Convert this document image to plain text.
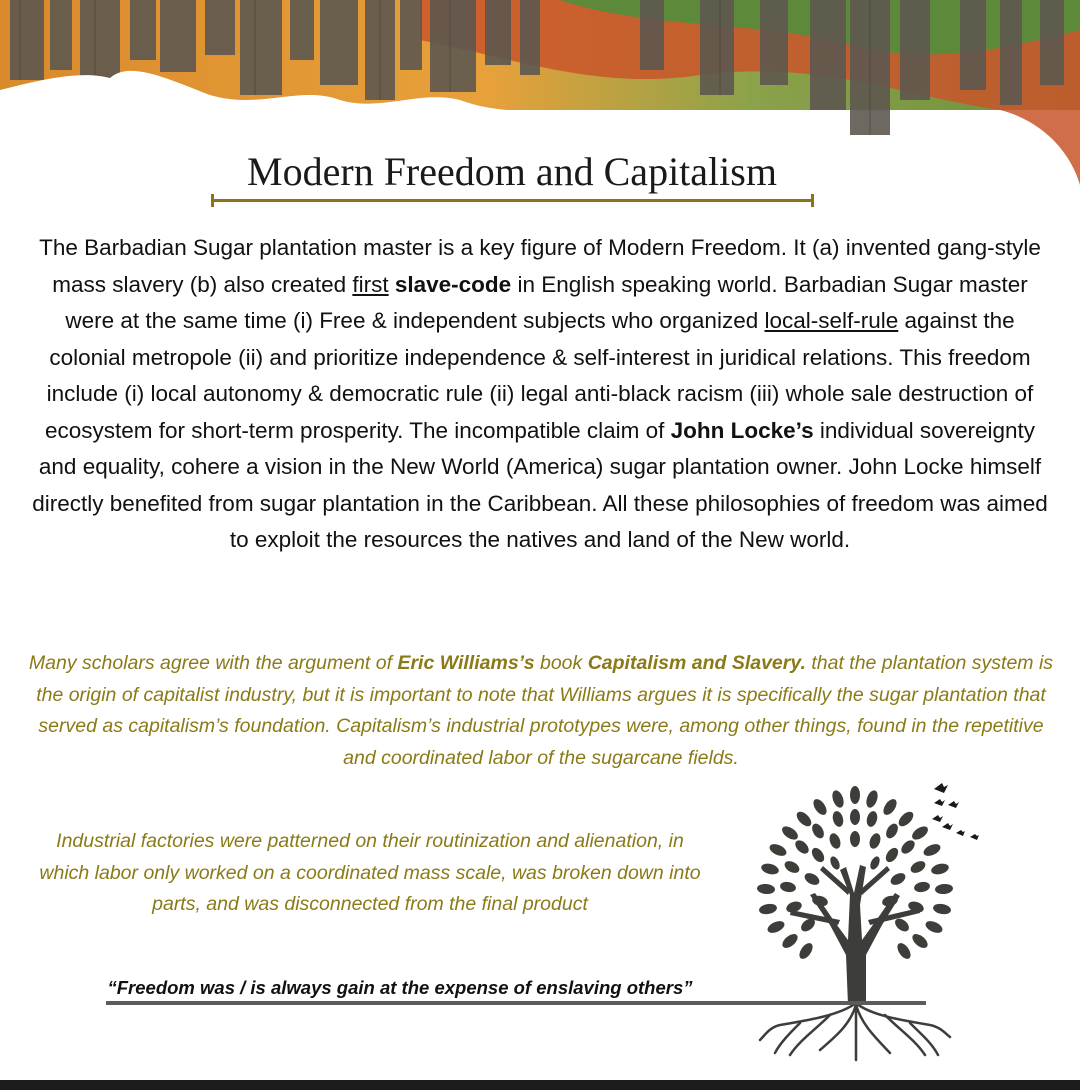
Modern Freedom and Capitalism

The Barbadian Sugar plantation master is a key figure of Modern Freedom. It (a) invented gang-style mass slavery (b) also created first slave-code in English speaking world. Barbadian Sugar master were at the same time (i) Free & independent subjects who organized local-self-rule against the colonial metropole (ii) and prioritize independence & self-interest in juridical relations. This freedom include (i) local autonomy & democratic rule (ii) legal anti-black racism (iii) whole sale destruction of ecosystem for short-term prosperity. The incompatible claim of John Locke’s individual sovereignty and equality, cohere a vision in the New World (America) sugar plantation owner. John Locke himself directly benefited from sugar plantation in the Caribbean. All these philosophies of freedom was aimed to exploit the resources the natives and land of the New world.

Many scholars agree with the argument of Eric Williams’s book Capitalism and Slavery. that the plantation system is the origin of capitalist industry, but it is important to note that Williams argues it is specifically the sugar plantation that served as capitalism’s foundation. Capitalism’s industrial prototypes were, among other things, found in the repetitive and coordinated labor of the sugarcane fields.

Industrial factories were patterned on their routinization and alienation, in which labor only worked on a coordinated mass scale, was broken down into parts, and was disconnected from the final product

“Freedom was / is always gain at the expense of enslaving others”
